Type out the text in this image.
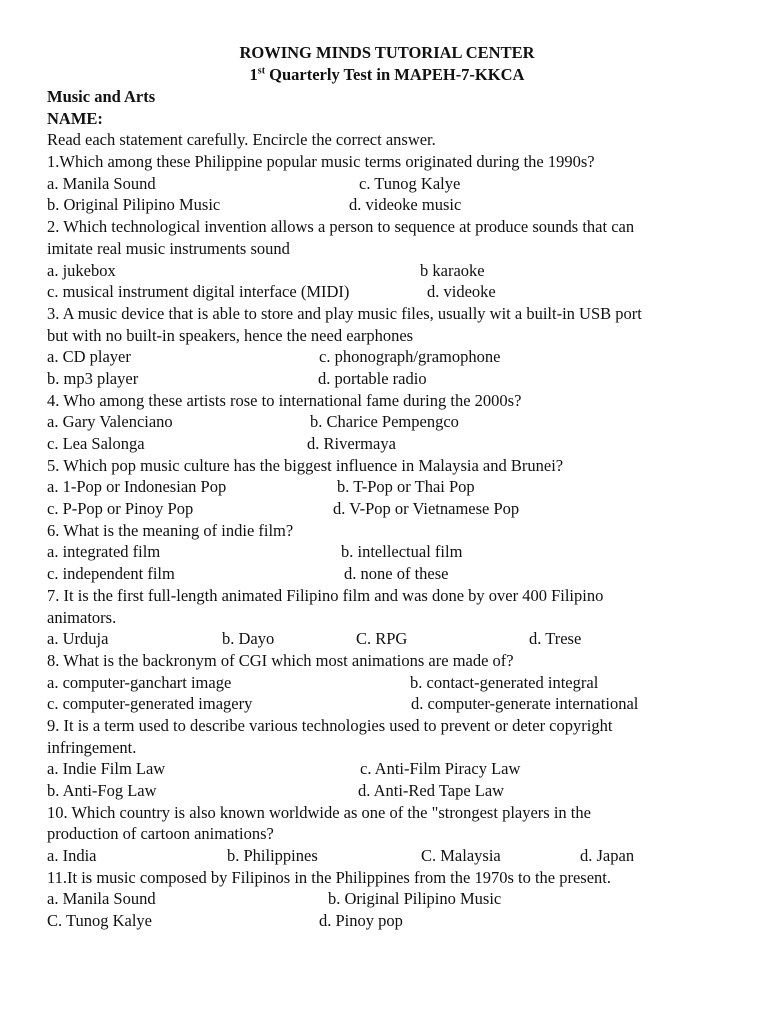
ROWING MINDS TUTORIAL CENTER
1st Quarterly Test in MAPEH-7-KKCA
Music and Arts
NAME:
Read each statement carefully. Encircle the correct answer.
1.Which among these Philippine popular music terms originated during the 1990s?
a. Manila Sound	c. Tunog Kalye
b. Original Pilipino Music	d. videoke music
2. Which technological invention allows a person to sequence at produce sounds that can
imitate real music instruments sound
a. jukebox	b karaoke
c. musical instrument digital interface (MIDI)	d. videoke
3. A music device that is able to store and play music files, usually wit a built-in USB port
but with no built-in speakers, hence the need earphones
a. CD player	c. phonograph/gramophone
b. mp3 player	d. portable radio
4. Who among these artists rose to international fame during the 2000s?
a. Gary Valenciano	b. Charice Pempengco
c. Lea Salonga	d. Rivermaya
5. Which pop music culture has the biggest influence in Malaysia and Brunei?
a. 1-Pop or Indonesian Pop	b. T-Pop or Thai Pop
c. P-Pop or Pinoy Pop	d. V-Pop or Vietnamese Pop
6. What is the meaning of indie film?
a. integrated film	b. intellectual film
c. independent film	d. none of these
7. It is the first full-length animated Filipino film and was done by over 400 Filipino
animators.
a. Urduja	b. Dayo	C. RPG	d. Trese
8. What is the backronym of CGI which most animations are made of?
a. computer-ganchart image	b. contact-generated integral
c. computer-generated imagery	d. computer-generate international
9. It is a term used to describe various technologies used to prevent or deter copyright
infringement.
a. Indie Film Law	c. Anti-Film Piracy Law
b. Anti-Fog Law	d. Anti-Red Tape Law
10. Which country is also known worldwide as one of the "strongest players in the
production of cartoon animations?
a. India	b. Philippines	C. Malaysia	d. Japan
11.It is music composed by Filipinos in the Philippines from the 1970s to the present.
a. Manila Sound	b. Original Pilipino Music
C. Tunog Kalye	d. Pinoy pop
